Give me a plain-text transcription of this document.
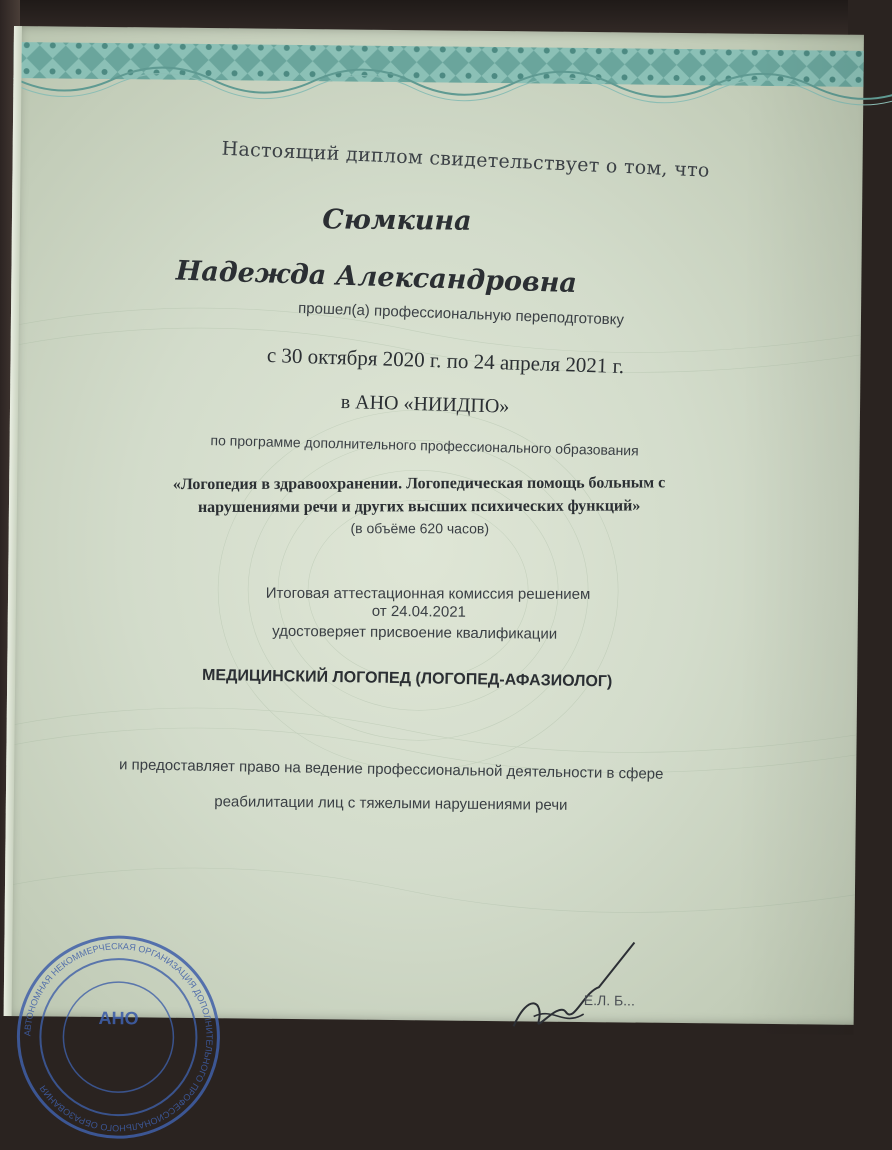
Настоящий диплом свидетельствует о том, что

Сюмкина

Надежда Александровна

прошел(а) профессиональную переподготовку

с 30 октября 2020 г. по 24 апреля 2021 г.

в АНО «НИИДПО»

по программе дополнительного профессионального образования

«Логопедия в здравоохранении. Логопедическая помощь больным с
нарушениями речи и других высших психических функций»

(в объёме 620 часов)

Итоговая аттестационная комиссия решением

от 24.04.2021

удостоверяет присвоение квалификации

МЕДИЦИНСКИЙ ЛОГОПЕД (ЛОГОПЕД-АФАЗИОЛОГ)

и предоставляет право на ведение профессиональной деятельности в сфере

реабилитации лиц с тяжелыми нарушениями речи

АВТОНОМНАЯ НЕКОММЕРЧЕСКАЯ ОРГАНИЗАЦИЯ ДОПОЛНИТЕЛЬНОГО ПРОФЕССИОНАЛЬНОГО ОБРАЗОВАНИЯ
АНО

Е.Л. Б...
